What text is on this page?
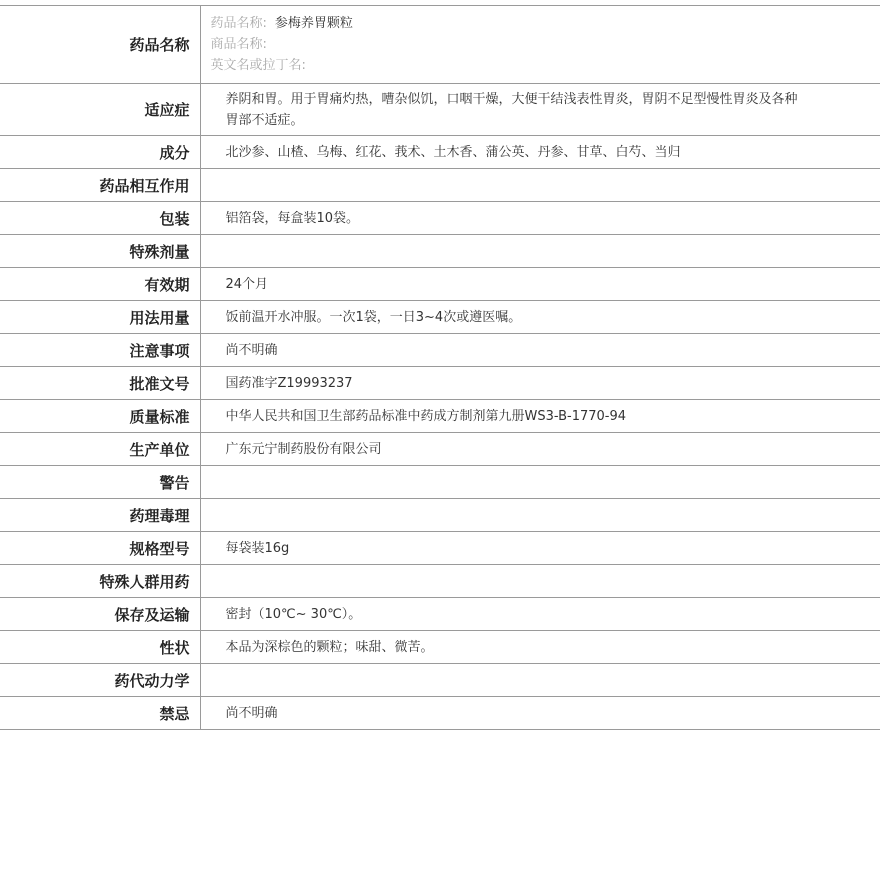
药品名称	药品名称: 参梅养胃颗粒
商品名称:
英文名或拉丁名:

适应症	养阴和胃。用于胃痛灼热，嘈杂似饥，口咽干燥，大便干结浅表性胃炎，胃阴不足型慢性胃炎及各种胃部不适症。
成分	北沙参、山楂、乌梅、红花、莪术、土木香、蒲公英、丹参、甘草、白芍、当归
药品相互作用	
包装	铝箔袋，每盒装10袋。
特殊剂量	
有效期	24个月
用法用量	饭前温开水冲服。一次1袋，一日3~4次或遵医嘱。
注意事项	尚不明确
批准文号	国药准字Z19993237
质量标准	中华人民共和国卫生部药品标准中药成方制剂第九册WS3-B-1770-94
生产单位	广东元宁制药股份有限公司
警告	
药理毒理	
规格型号	每袋装16g
特殊人群用药	
保存及运输	密封（10℃~ 30℃）。
性状	本品为深棕色的颗粒；味甜、微苦。
药代动力学	
禁忌	尚不明确
